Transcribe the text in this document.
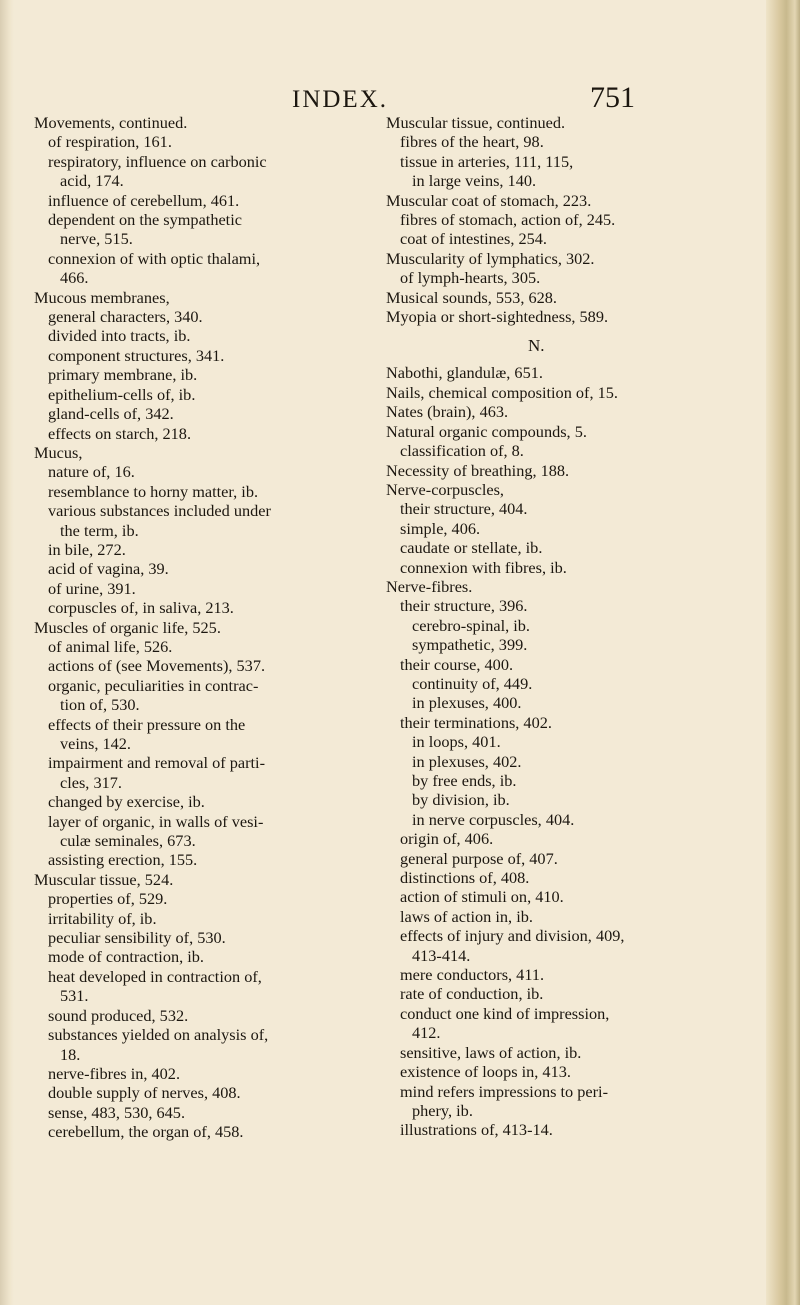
INDEX.	751
Movements, continued.
of respiration, 161.
respiratory, influence on carbonic
acid, 174.
influence of cerebellum, 461.
dependent on the sympathetic
nerve, 515.
connexion of with optic thalami,
466.
Mucous membranes,
general characters, 340.
divided into tracts, ib.
component structures, 341.
primary membrane, ib.
epithelium-cells of, ib.
gland-cells of, 342.
effects on starch, 218.
Mucus,
nature of, 16.
resemblance to horny matter, ib.
various substances included under
the term, ib.
in bile, 272.
acid of vagina, 39.
of urine, 391.
corpuscles of, in saliva, 213.
Muscles of organic life, 525.
of animal life, 526.
actions of (see Movements), 537.
organic, peculiarities in contrac-
tion of, 530.
effects of their pressure on the
veins, 142.
impairment and removal of parti-
cles, 317.
changed by exercise, ib.
layer of organic, in walls of vesi-
culæ seminales, 673.
assisting erection, 155.
Muscular tissue, 524.
properties of, 529.
irritability of, ib.
peculiar sensibility of, 530.
mode of contraction, ib.
heat developed in contraction of,
531.
sound produced, 532.
substances yielded on analysis of,
18.
nerve-fibres in, 402.
double supply of nerves, 408.
sense, 483, 530, 645.
cerebellum, the organ of, 458.
Muscular tissue, continued.
fibres of the heart, 98.
tissue in arteries, 111, 115,
in large veins, 140.
Muscular coat of stomach, 223.
fibres of stomach, action of, 245.
coat of intestines, 254.
Muscularity of lymphatics, 302.
of lymph-hearts, 305.
Musical sounds, 553, 628.
Myopia or short-sightedness, 589.
N.
Nabothi, glandulæ, 651.
Nails, chemical composition of, 15.
Nates (brain), 463.
Natural organic compounds, 5.
classification of, 8.
Necessity of breathing, 188.
Nerve-corpuscles,
their structure, 404.
simple, 406.
caudate or stellate, ib.
connexion with fibres, ib.
Nerve-fibres.
their structure, 396.
cerebro-spinal, ib.
sympathetic, 399.
their course, 400.
continuity of, 449.
in plexuses, 400.
their terminations, 402.
in loops, 401.
in plexuses, 402.
by free ends, ib.
by division, ib.
in nerve corpuscles, 404.
origin of, 406.
general purpose of, 407.
distinctions of, 408.
action of stimuli on, 410.
laws of action in, ib.
effects of injury and division, 409,
413-414.
mere conductors, 411.
rate of conduction, ib.
conduct one kind of impression,
412.
sensitive, laws of action, ib.
existence of loops in, 413.
mind refers impressions to peri-
phery, ib.
illustrations of, 413-14.
